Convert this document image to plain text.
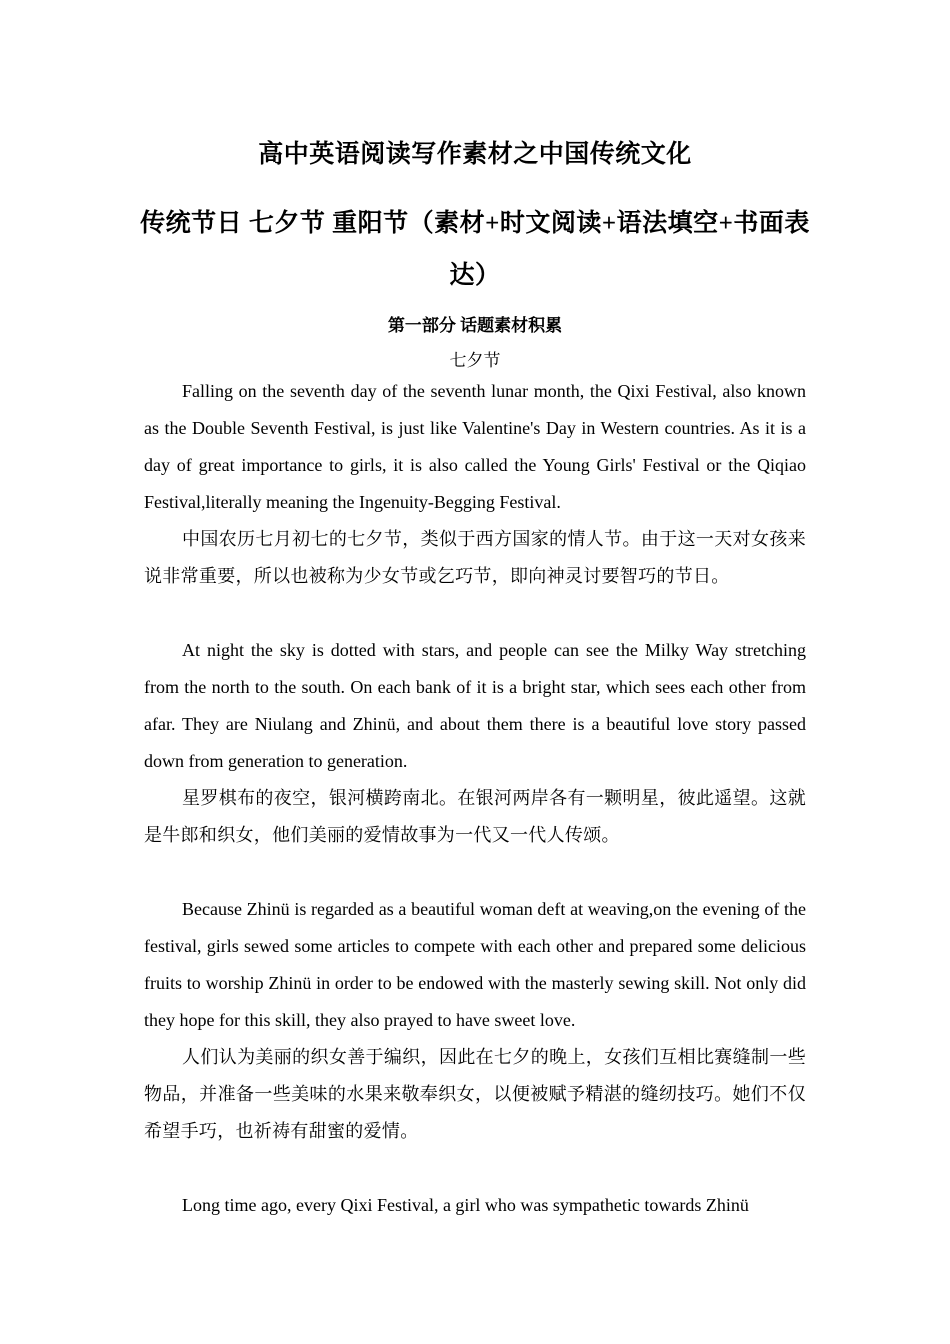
高中英语阅读写作素材之中国传统文化
传统节日 七夕节 重阳节（素材+时文阅读+语法填空+书面表达）
第一部分 话题素材积累
七夕节

Falling on the seventh day of the seventh lunar month, the Qixi Festival, also known as the Double Seventh Festival, is just like Valentine's Day in Western countries. As it is a day of great importance to girls, it is also called the Young Girls' Festival or the Qiqiao Festival,literally meaning the Ingenuity-Begging Festival.

中国农历七月初七的七夕节，类似于西方国家的情人节。由于这一天对女孩来说非常重要，所以也被称为少女节或乞巧节，即向神灵讨要智巧的节日。

At night the sky is dotted with stars, and people can see the Milky Way stretching from the north to the south. On each bank of it is a bright star, which sees each other from afar. They are Niulang and Zhinü, and about them there is a beautiful love story passed down from generation to generation.

星罗棋布的夜空，银河横跨南北。在银河两岸各有一颗明星，彼此遥望。这就是牛郎和织女，他们美丽的爱情故事为一代又一代人传颂。

Because Zhinü is regarded as a beautiful woman deft at weaving,on the evening of the festival, girls sewed some articles to compete with each other and prepared some delicious fruits to worship Zhinü in order to be endowed with the masterly sewing skill. Not only did they hope for this skill, they also prayed to have sweet love.

人们认为美丽的织女善于编织，因此在七夕的晚上，女孩们互相比赛缝制一些物品，并准备一些美味的水果来敬奉织女，以便被赋予精湛的缝纫技巧。她们不仅希望手巧，也祈祷有甜蜜的爱情。

Long time ago, every Qixi Festival, a girl who was sympathetic towards Zhinü
